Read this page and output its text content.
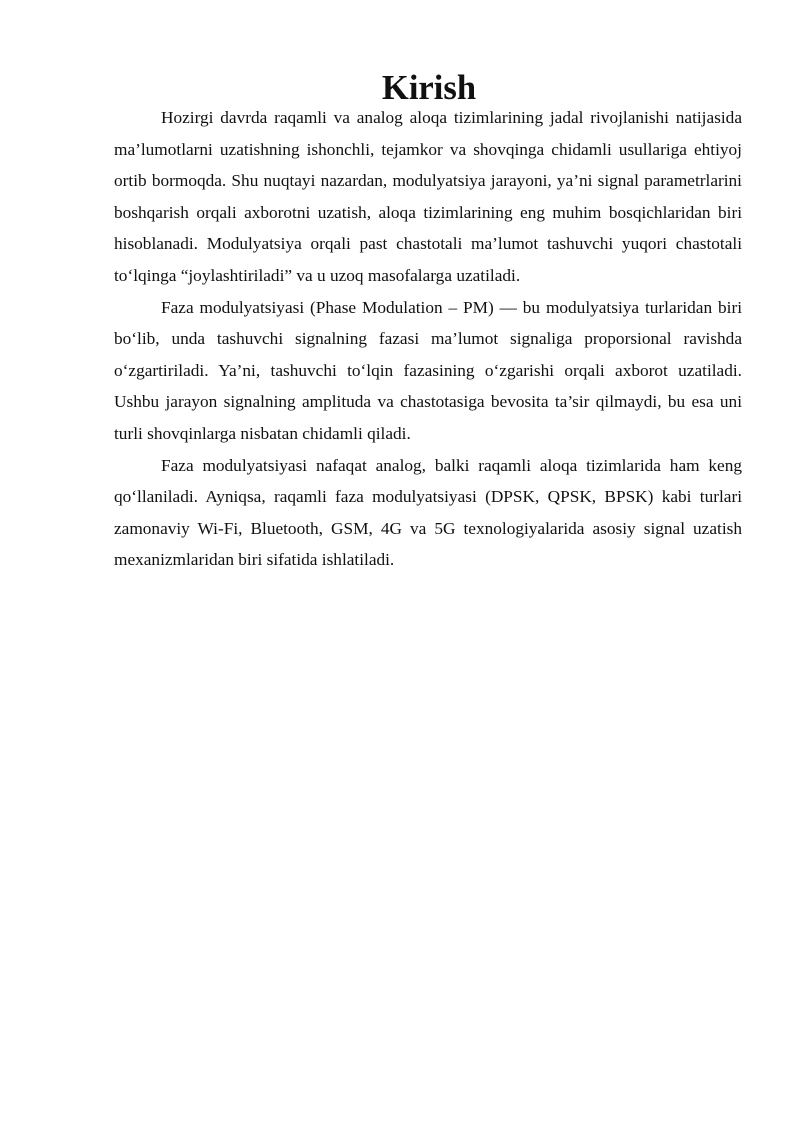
Kirish

Hozirgi davrda raqamli va analog aloqa tizimlarining jadal rivojlanishi natijasida ma’lumotlarni uzatishning ishonchli, tejamkor va shovqinga chidamli usullariga ehtiyoj ortib bormoqda. Shu nuqtayi nazardan, modulyatsiya jarayoni, ya’ni signal parametrlarini boshqarish orqali axborotni uzatish, aloqa tizimlarining eng muhim bosqichlaridan biri hisoblanadi. Modulyatsiya orqali past chastotali ma’lumot tashuvchi yuqori chastotali to‘lqinga “joylashtiriladi” va u uzoq masofalarga uzatiladi.

Faza modulyatsiyasi (Phase Modulation – PM) — bu modulyatsiya turlaridan biri bo‘lib, unda tashuvchi signalning fazasi ma’lumot signaliga proporsional ravishda o‘zgartiriladi. Ya’ni, tashuvchi to‘lqin fazasining o‘zgarishi orqali axborot uzatiladi. Ushbu jarayon signalning amplituda va chastotasiga bevosita ta’sir qilmaydi, bu esa uni turli shovqinlarga nisbatan chidamli qiladi.

Faza modulyatsiyasi nafaqat analog, balki raqamli aloqa tizimlarida ham keng qo‘llaniladi. Ayniqsa, raqamli faza modulyatsiyasi (DPSK, QPSK, BPSK) kabi turlari zamonaviy Wi-Fi, Bluetooth, GSM, 4G va 5G texnologiyalarida asosiy signal uzatish mexanizmlaridan biri sifatida ishlatiladi.
